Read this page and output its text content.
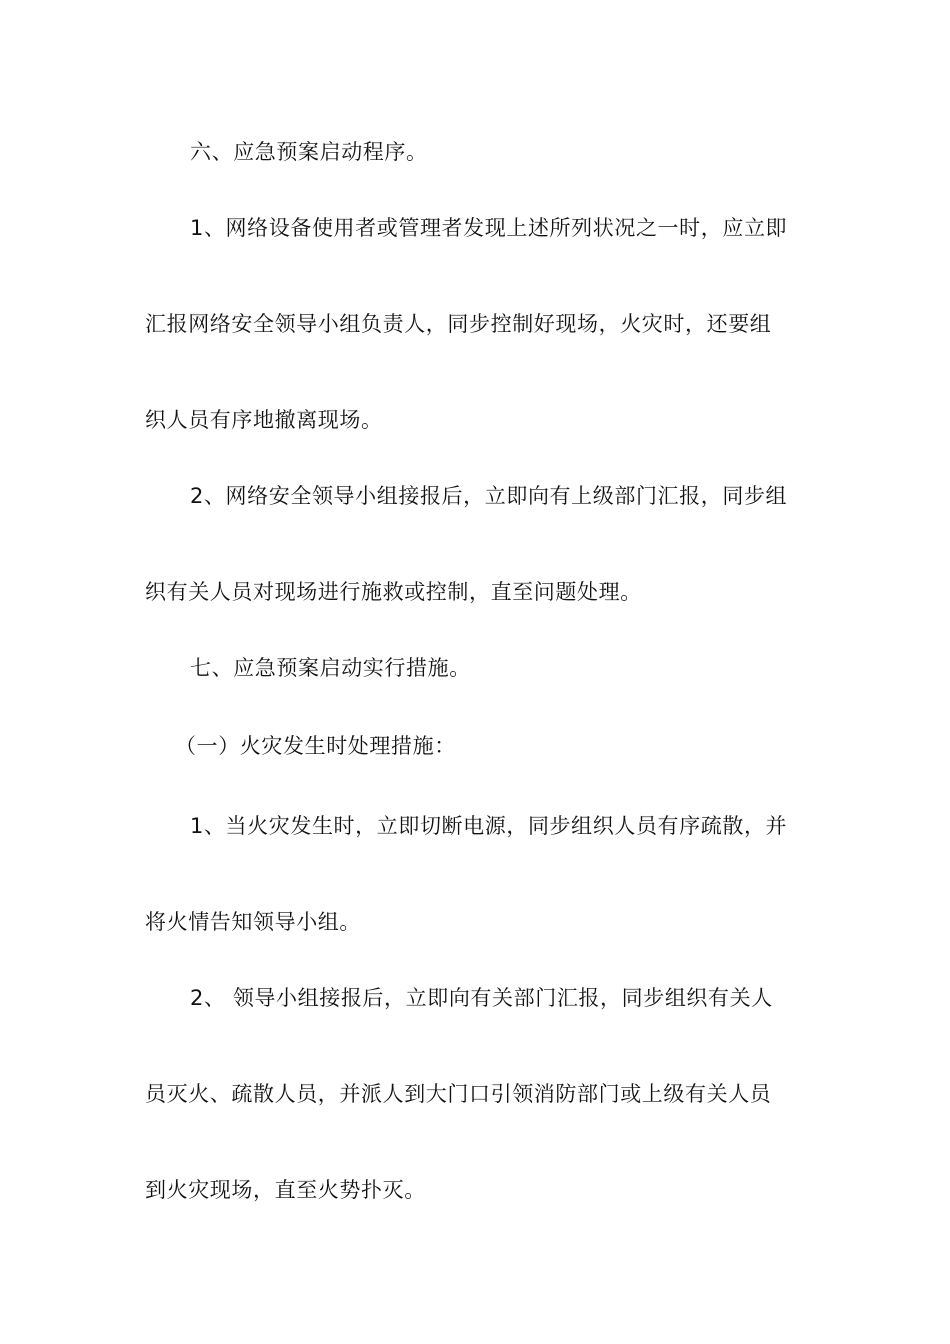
六、应急预案启动程序。
1、网络设备使用者或管理者发现上述所列状况之一时，应立即
汇报网络安全领导小组负责人，同步控制好现场，火灾时，还要组
织人员有序地撤离现场。
2、网络安全领导小组接报后，立即向有上级部门汇报，同步组
织有关人员对现场进行施救或控制，直至问题处理。
七、应急预案启动实行措施。
（一）火灾发生时处理措施：
1、当火灾发生时，立即切断电源，同步组织人员有序疏散，并
将火情告知领导小组。
2、 领导小组接报后，立即向有关部门汇报，同步组织有关人
员灭火、疏散人员，并派人到大门口引领消防部门或上级有关人员
到火灾现场，直至火势扑灭。
